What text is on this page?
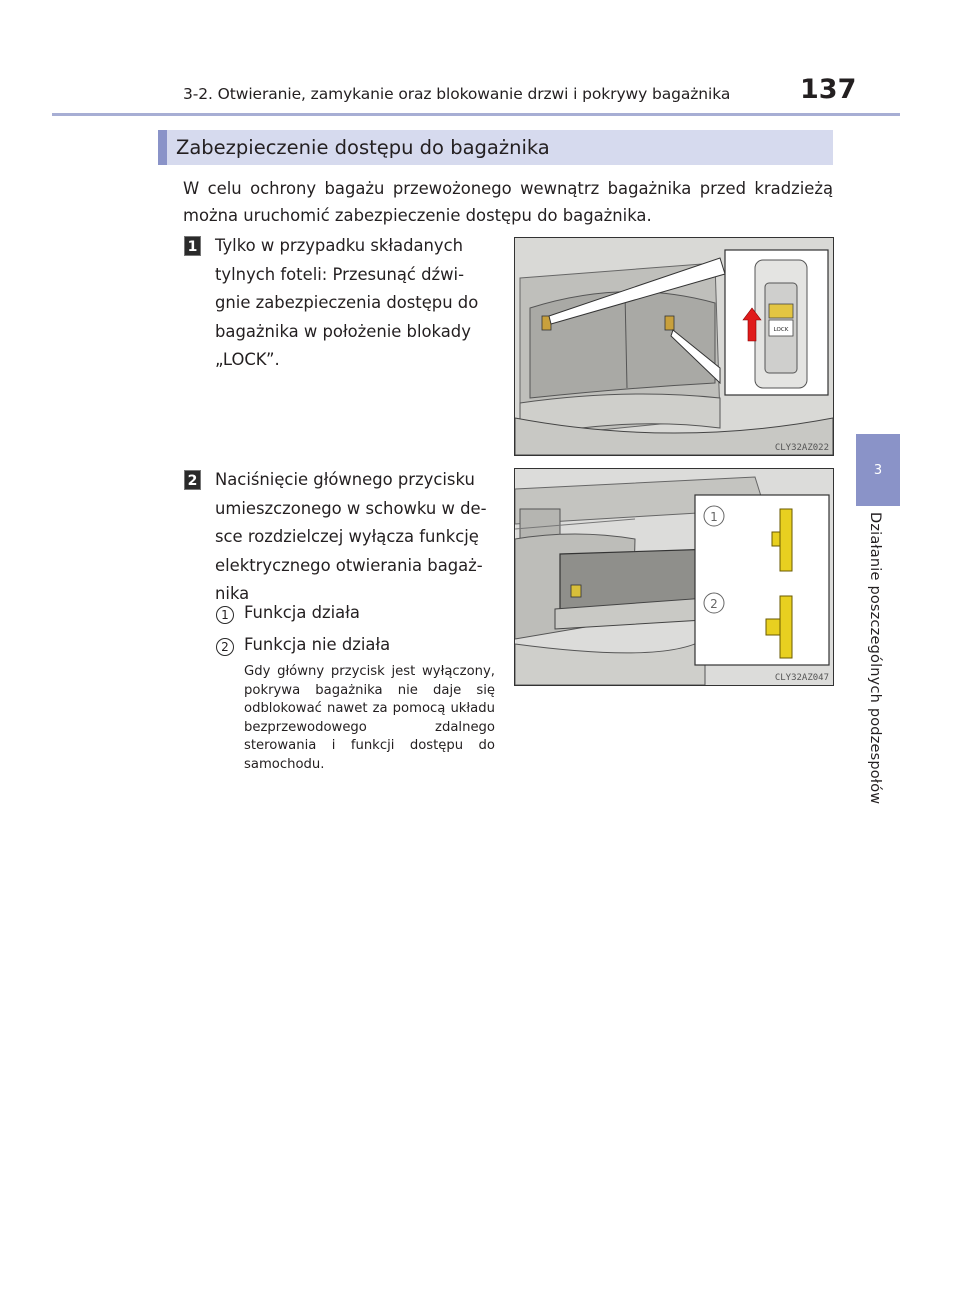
3-2. Otwieranie, zamykanie oraz blokowanie drzwi i pokrywy bagażnika	137
Zabezpieczenie dostępu do bagażnika
3
Działanie poszczególnych podzespołów
W celu ochrony bagażu przewożonego wewnątrz bagażnika przed kradzieżą można uruchomić zabezpieczenie dostępu do bagażnika.
1 Tylko w przypadku składanych
tylnych foteli: Przesunąć dźwi-
gnie zabezpieczenia dostępu do
bagażnika w położenie blokady
„LOCK”.
LOCK
CLY32AZ022
2 Naciśnięcie głównego przycisku
umieszczonego w schowku w de-
sce rozdzielczej wyłącza funkcję
elektrycznego otwierania bagaż-
nika
1 Funkcja działa
2 Funkcja nie działa
Gdy główny przycisk jest wyłączony, pokrywa bagażnika nie daje się odblokować nawet za pomocą układu bezprzewodowego zdalnego sterowania i funkcji dostępu do samochodu.
1
2
CLY32AZ047
